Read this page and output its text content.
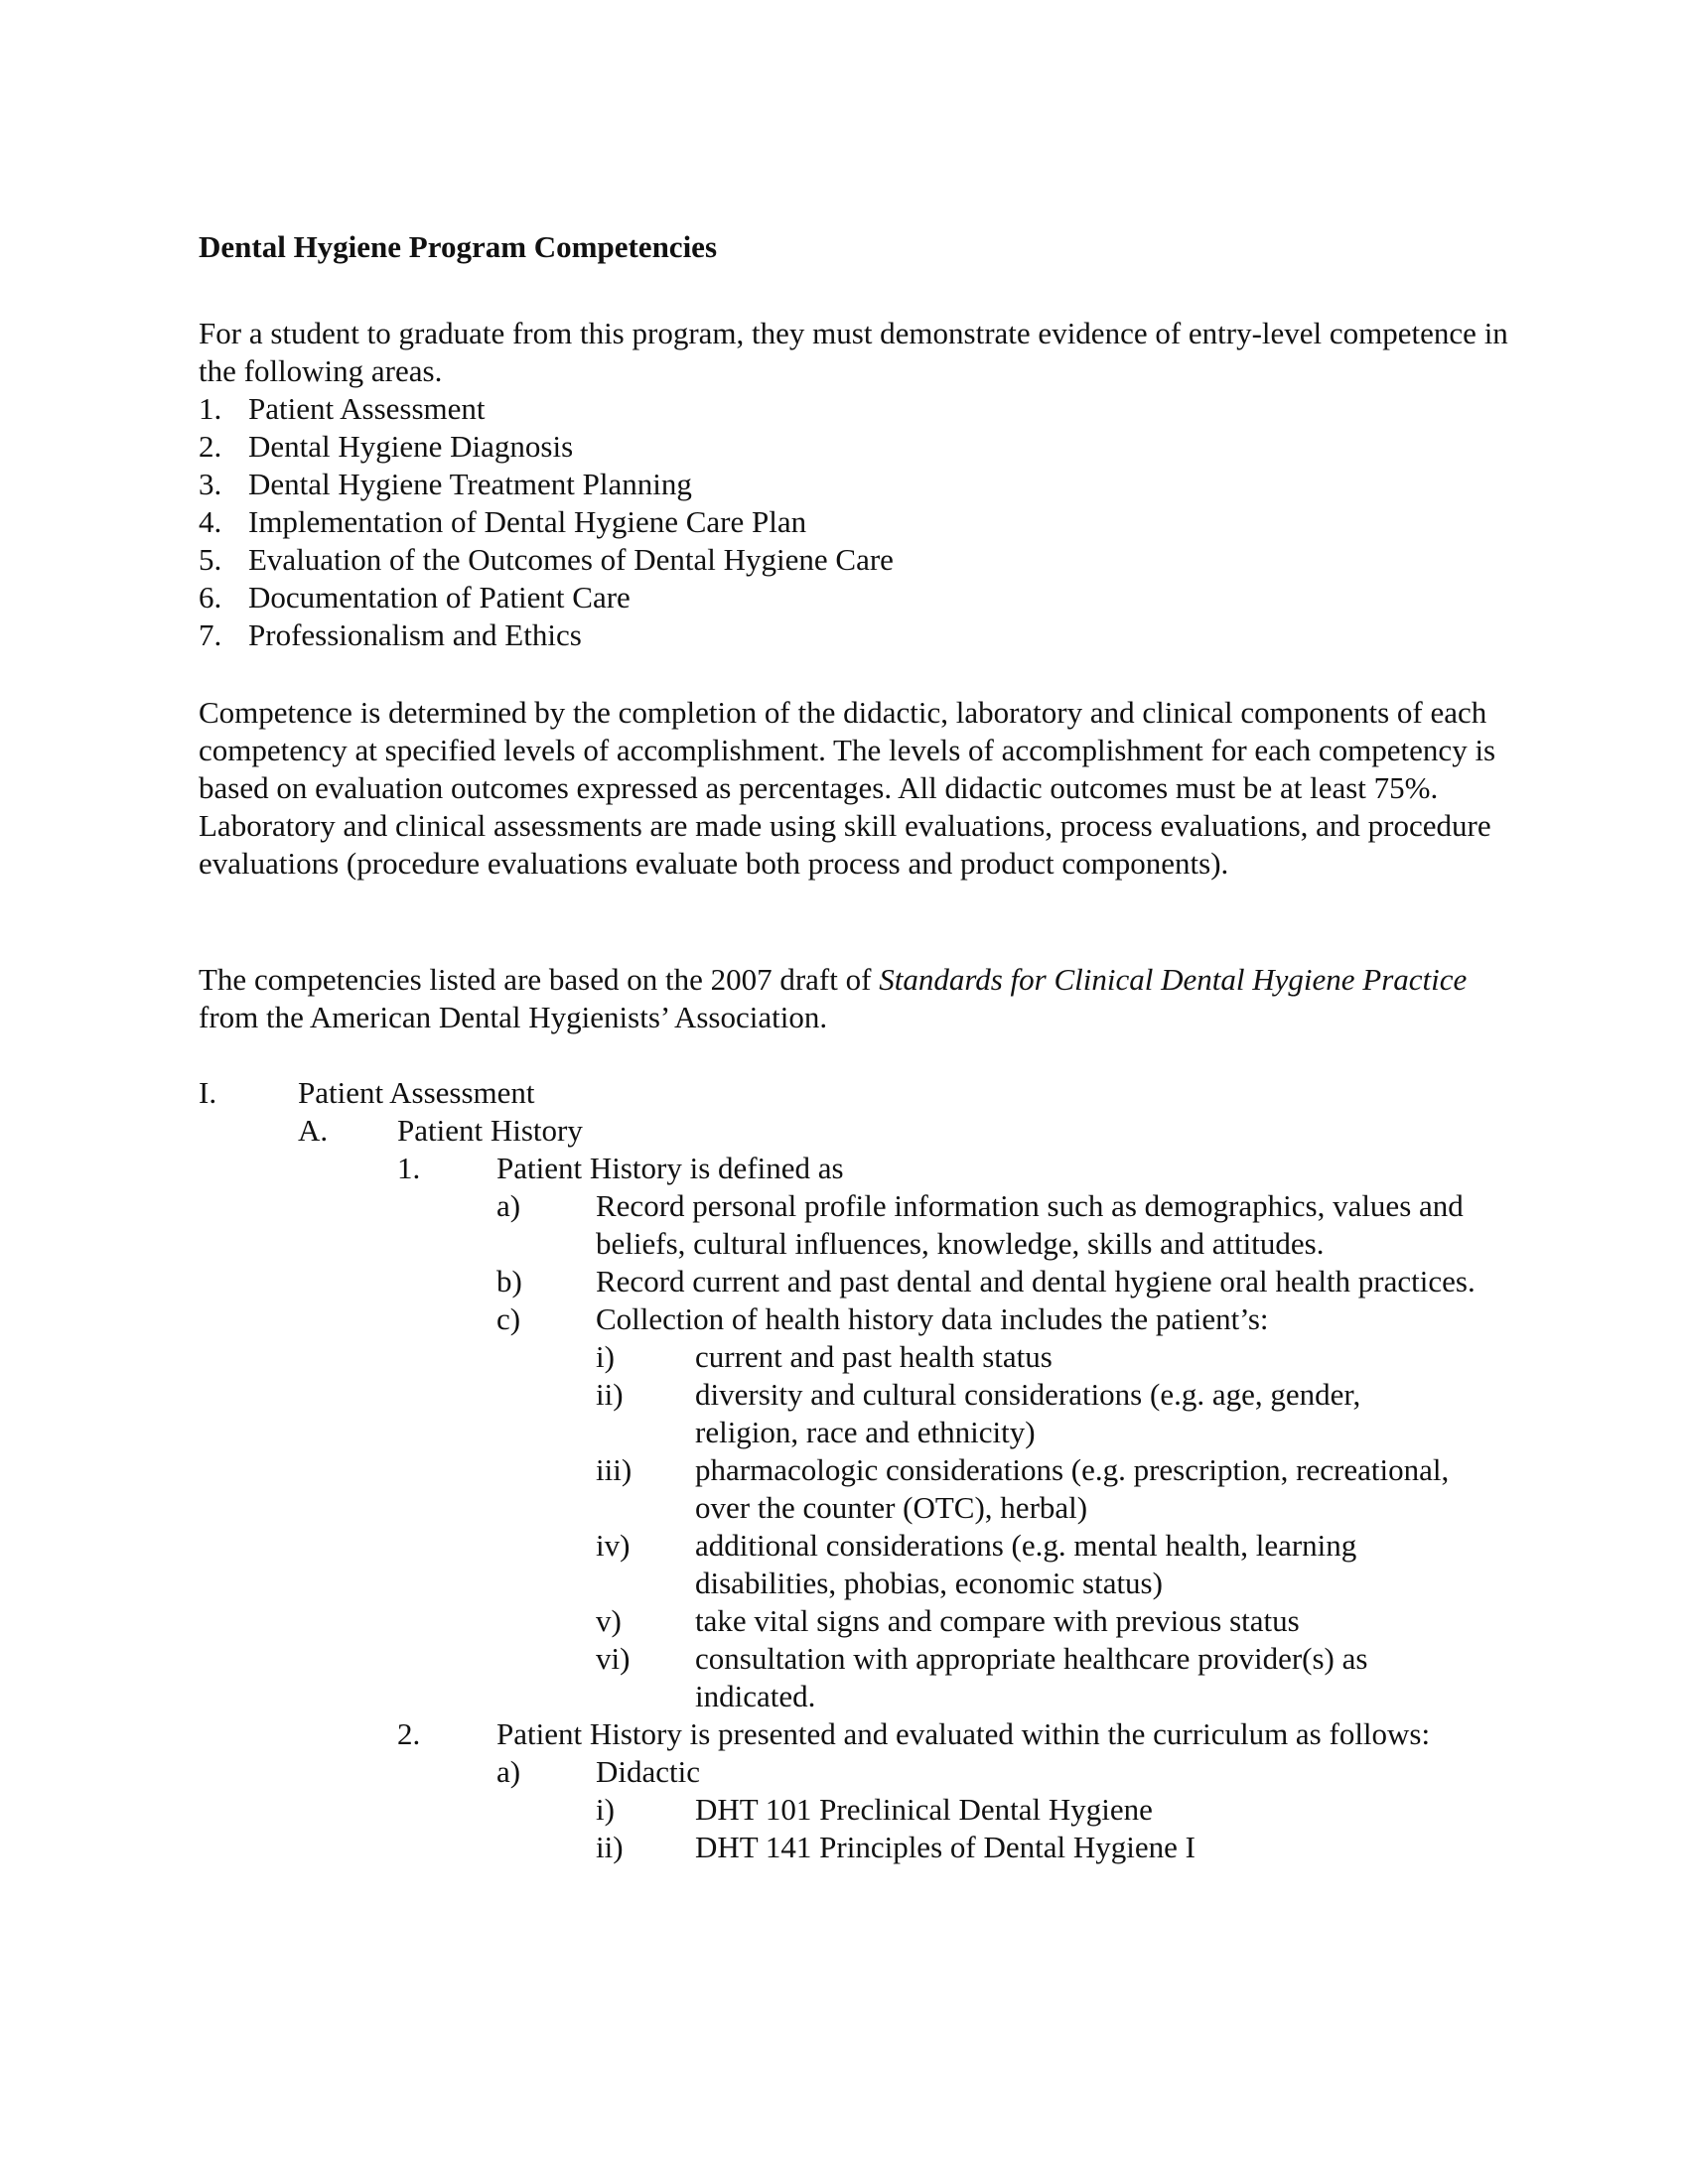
Dental Hygiene Program Competencies

For a student to graduate from this program, they must demonstrate evidence of entry-level competence in the following areas.

1. Patient Assessment
2. Dental Hygiene Diagnosis
3. Dental Hygiene Treatment Planning
4. Implementation of Dental Hygiene Care Plan
5. Evaluation of the Outcomes of Dental Hygiene Care
6. Documentation of Patient Care
7. Professionalism and Ethics

Competence is determined by the completion of the didactic, laboratory and clinical components of each competency at specified levels of accomplishment. The levels of accomplishment for each competency is based on evaluation outcomes expressed as percentages. All didactic outcomes must be at least 75%. Laboratory and clinical assessments are made using skill evaluations, process evaluations, and procedure evaluations (procedure evaluations evaluate both process and product components).

The competencies listed are based on the 2007 draft of Standards for Clinical Dental Hygiene Practice from the American Dental Hygienists’ Association.

I.	Patient Assessment
A.	Patient History
1.	Patient History is defined as
a)	Record personal profile information such as demographics, values and beliefs, cultural influences, knowledge, skills and attitudes.
b)	Record current and past dental and dental hygiene oral health practices.
c)	Collection of health history data includes the patient’s:
i)	current and past health status
ii)	diversity and cultural considerations (e.g. age, gender, religion, race and ethnicity)
iii)	pharmacologic considerations (e.g. prescription, recreational, over the counter (OTC), herbal)
iv)	additional considerations (e.g. mental health, learning disabilities, phobias, economic status)
v)	take vital signs and compare with previous status
vi)	consultation with appropriate healthcare provider(s) as indicated.
2.	Patient History is presented and evaluated within the curriculum as follows:
a)	Didactic
i)	DHT 101 Preclinical Dental Hygiene
ii)	DHT 141 Principles of Dental Hygiene I
